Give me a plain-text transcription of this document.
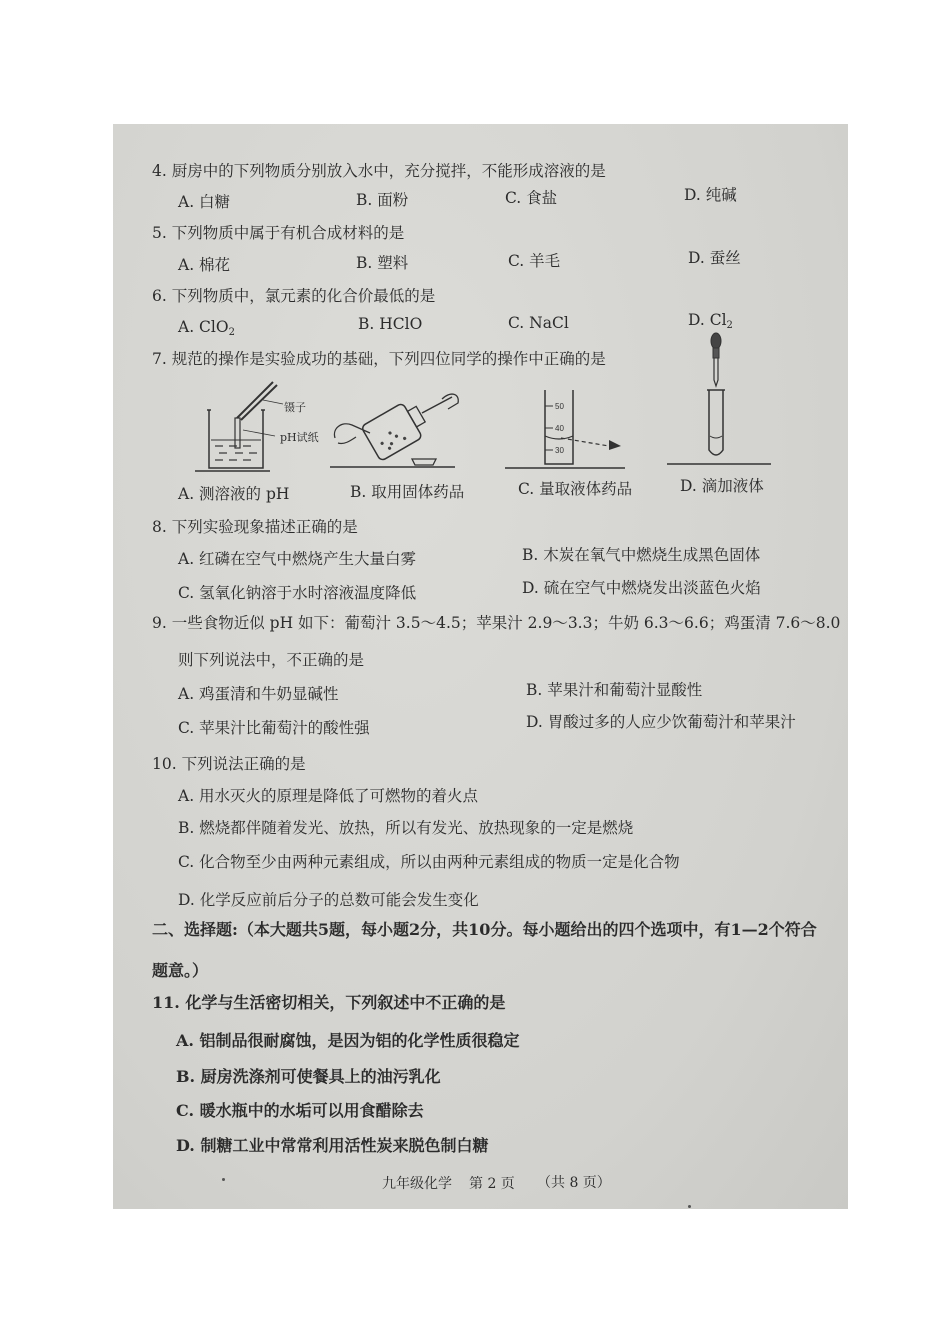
4. 厨房中的下列物质分别放入水中，充分搅拌，不能形成溶液的是
A. 白糖	B. 面粉	C. 食盐	D. 纯碱
5. 下列物质中属于有机合成材料的是
A. 棉花	B. 塑料	C. 羊毛	D. 蚕丝
6. 下列物质中，氯元素的化合价最低的是
A. ClO$_2$	B. HClO	C. NaCl	D. $Cl_2$
7. 规范的操作是实验成功的基础，下列四位同学的操作中正确的是
镊子
pH试纸
50
40
30
A. 测溶液的 pH	B. 取用固体药品	C. 量取液体药品	D. 滴加液体
8. 下列实验现象描述正确的是
A. 红磷在空气中燃烧产生大量白雾	B. 木炭在氧气中燃烧生成黑色固体
C. 氢氧化钠溶于水时溶液温度降低	D. 硫在空气中燃烧发出淡蓝色火焰
9. 一些食物近似 pH 如下：葡萄汁 3.5～4.5；苹果汁 2.9～3.3；牛奶 6.3～6.6；鸡蛋清 7.6～8.0
则下列说法中，不正确的是
A. 鸡蛋清和牛奶显碱性	B. 苹果汁和葡萄汁显酸性
C. 苹果汁比葡萄汁的酸性强	D. 胃酸过多的人应少饮葡萄汁和苹果汁
10. 下列说法正确的是
A. 用水灭火的原理是降低了可燃物的着火点
B. 燃烧都伴随着发光、放热，所以有发光、放热现象的一定是燃烧
C. 化合物至少由两种元素组成，所以由两种元素组成的物质一定是化合物
D. 化学反应前后分子的总数可能会发生变化
二、选择题:（本大题共5题，每小题2分，共10分。每小题给出的四个选项中，有1—2个符合
题意。）
11. 化学与生活密切相关，下列叙述中不正确的是
A. 铝制品很耐腐蚀，是因为铝的化学性质很稳定
B. 厨房洗涤剂可使餐具上的油污乳化
C. 暖水瓶中的水垢可以用食醋除去
D. 制糖工业中常常利用活性炭来脱色制白糖
九年级化学 第 2 页 （共 8 页）
